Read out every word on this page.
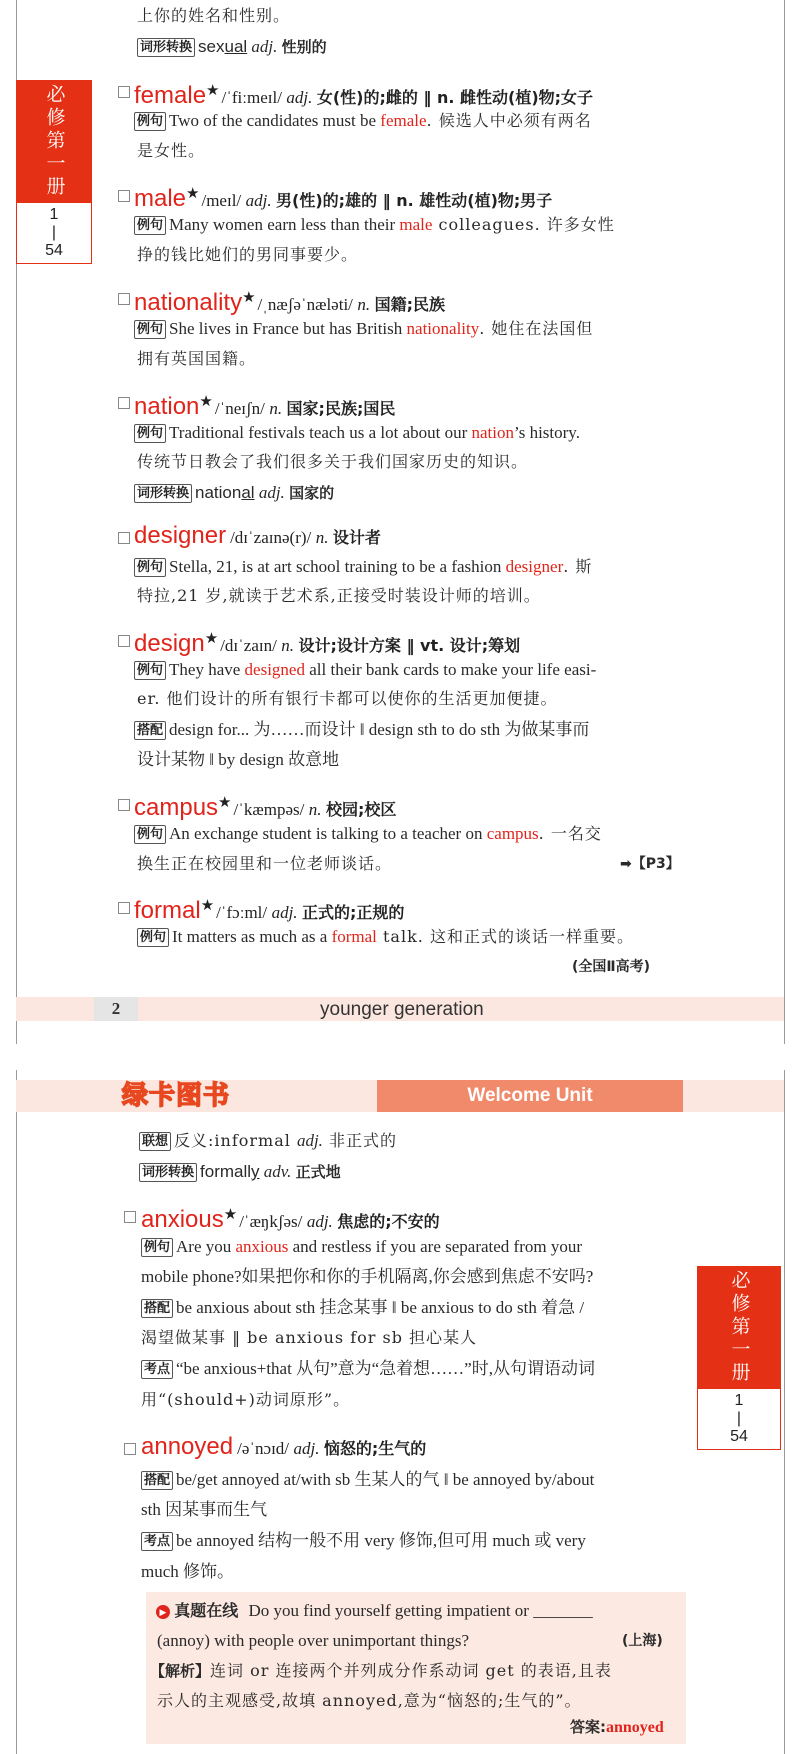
上你的姓名和性别。
词形转换 sexual adj. 性别的
必修第一册
1
|
54
female★ /ˈfiːmeɪl/ adj. 女(性)的;雌的 ‖ n. 雌性动(植)物;女子
例句 Two of the candidates must be female. 候选人中必须有两名
是女性。
male★ /meɪl/ adj. 男(性)的;雄的 ‖ n. 雄性动(植)物;男子
例句 Many women earn less than their male colleagues. 许多女性
挣的钱比她们的男同事要少。
nationality★ /ˌnæʃəˈnæləti/ n. 国籍;民族
例句 She lives in France but has British nationality. 她住在法国但
拥有英国国籍。
nation★ /ˈneɪʃn/ n. 国家;民族;国民
例句 Traditional festivals teach us a lot about our nation’s history.
传统节日教会了我们很多关于我们国家历史的知识。
词形转换 national adj. 国家的
designer /dɪˈzaɪnə(r)/ n. 设计者
例句 Stella, 21, is at art school training to be a fashion designer. 斯
特拉,21 岁,就读于艺术系,正接受时装设计师的培训。
design★ /dɪˈzaɪn/ n. 设计;设计方案 ‖ vt. 设计;筹划
例句 They have designed all their bank cards to make your life easi-
er. 他们设计的所有银行卡都可以使你的生活更加便捷。
搭配 design for... 为……而设计 ‖ design sth to do sth 为做某事而
设计某物 ‖ by design 故意地
campus★ /ˈkæmpəs/ n. 校园;校区
例句 An exchange student is talking to a teacher on campus. 一名交
换生正在校园里和一位老师谈话。	➡【P3】
formal★ /ˈfɔːml/ adj. 正式的;正规的
例句 It matters as much as a formal talk. 这和正式的谈话一样重要。
(全国Ⅱ高考)
2	younger generation
绿卡图书	Welcome Unit
联想 反义:informal adj. 非正式的
词形转换 formally adv. 正式地
必修第一册
1
|
54
anxious★ /ˈæŋkʃəs/ adj. 焦虑的;不安的
例句 Are you anxious and restless if you are separated from your
mobile phone?如果把你和你的手机隔离,你会感到焦虑不安吗?
搭配 be anxious about sth 挂念某事 ‖ be anxious to do sth 着急 /
渴望做某事 ‖ be anxious for sb 担心某人
考点 “be anxious+that 从句”意为“急着想……”时,从句谓语动词
用“(should+)动词原形”。
annoyed /əˈnɔɪd/ adj. 恼怒的;生气的
搭配 be/get annoyed at/with sb 生某人的气 ‖ be annoyed by/about
sth 因某事而生气
考点 be annoyed 结构一般不用 very 修饰,但可用 much 或 very
much 修饰。
▶ 真题在线 Do you find yourself getting impatient or _______
(annoy) with people over unimportant things?	(上海)
【解析】连词 or 连接两个并列成分作系动词 get 的表语,且表
示人的主观感受,故填 annoyed,意为“恼怒的;生气的”。
答案:annoyed
